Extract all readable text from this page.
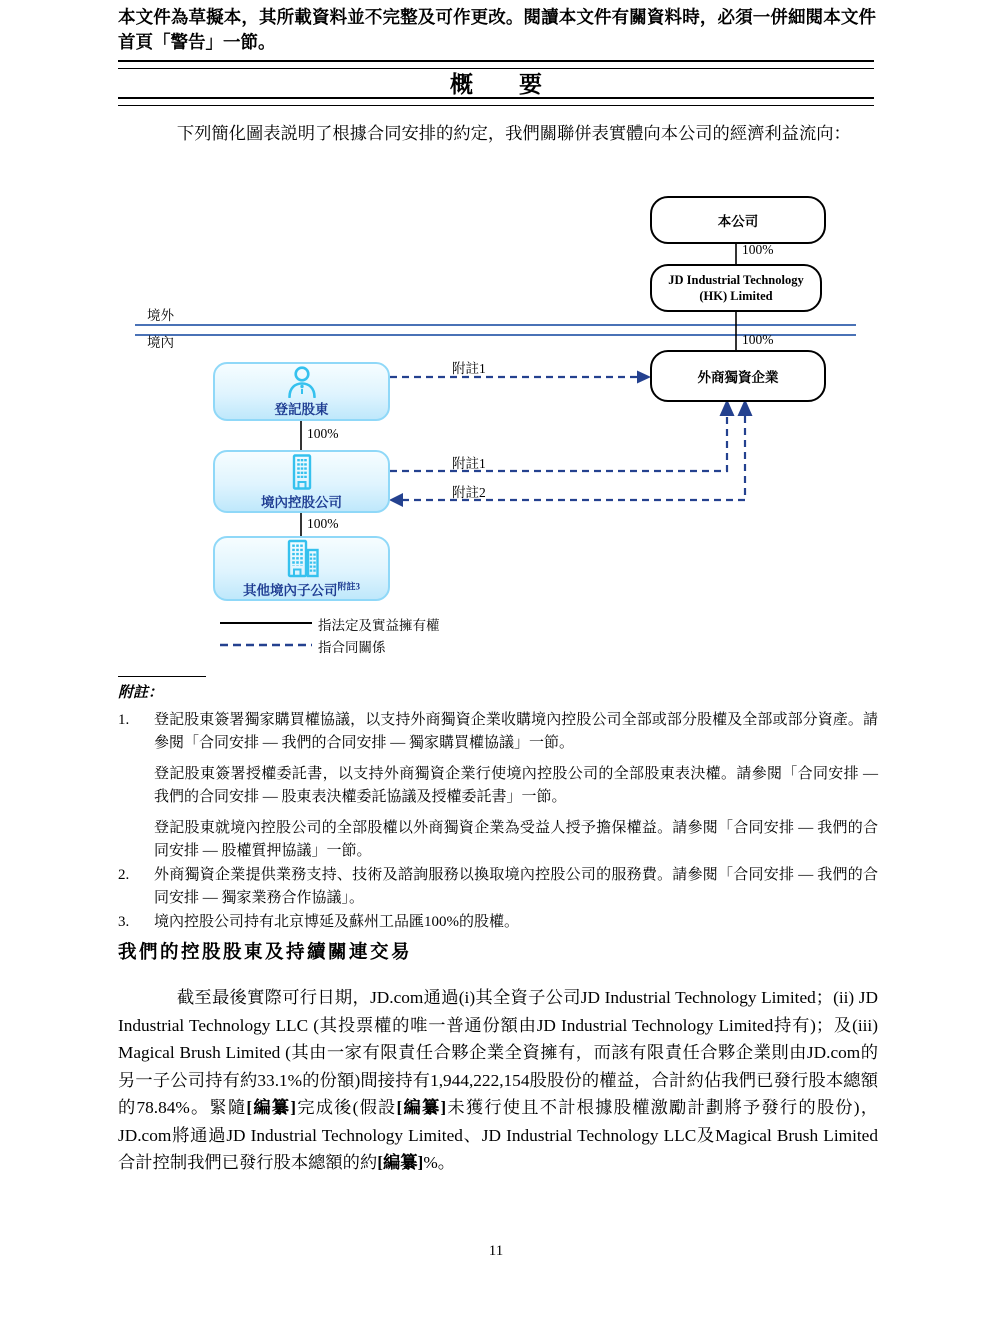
本文件為草擬本，其所載資料並不完整及可作更改。閱讀本文件有關資料時，必須一併細閱本文件首頁「警告」一節。
概　　要
下列簡化圖表説明了根據合同安排的約定，我們關聯併表實體向本公司的經濟利益流向：
本公司
JD Industrial Technology (HK) Limited
外商獨資企業
登記股東
境內控股公司
其他境內子公司$^{附註3}$
境外
境內
100%
100%
100%
100%
附註1
附註1
附註2
指法定及實益擁有權
指合同關係
附註：
1.	登記股東簽署獨家購買權協議，以支持外商獨資企業收購境內控股公司全部或部分股權及全部或部分資產。請參閱「合同安排 — 我們的合同安排 — 獨家購買權協議」一節。

登記股東簽署授權委託書，以支持外商獨資企業行使境內控股公司的全部股東表決權。請參閱「合同安排 — 我們的合同安排 — 股東表決權委託協議及授權委託書」一節。

登記股東就境內控股公司的全部股權以外商獨資企業為受益人授予擔保權益。請參閱「合同安排 — 我們的合同安排 — 股權質押協議」一節。

2.	外商獨資企業提供業務支持、技術及諮詢服務以換取境內控股公司的服務費。請參閱「合同安排 — 我們的合同安排 — 獨家業務合作協議」。

3.	境內控股公司持有北京博延及蘇州工品匯100%的股權。

我們的控股股東及持續關連交易
截至最後實際可行日期，JD.com通過(i)其全資子公司JD Industrial Technology Limited；(ii) JD Industrial Technology LLC (其投票權的唯一普通份額由JD Industrial Technology Limited持有)；及(iii) Magical Brush Limited (其由一家有限責任合夥企業全資擁有，而該有限責任合夥企業則由JD.com的另一子公司持有約33.1%的份額)間接持有1,944,222,154股股份的權益，合計約佔我們已發行股本總額的78.84%。緊隨[編纂]完成後(假設[編纂]未獲行使且不計根據股權激勵計劃將予發行的股份)，JD.com將通過JD Industrial Technology Limited、JD Industrial Technology LLC及Magical Brush Limited合計控制我們已發行股本總額的約[編纂]%。
11
